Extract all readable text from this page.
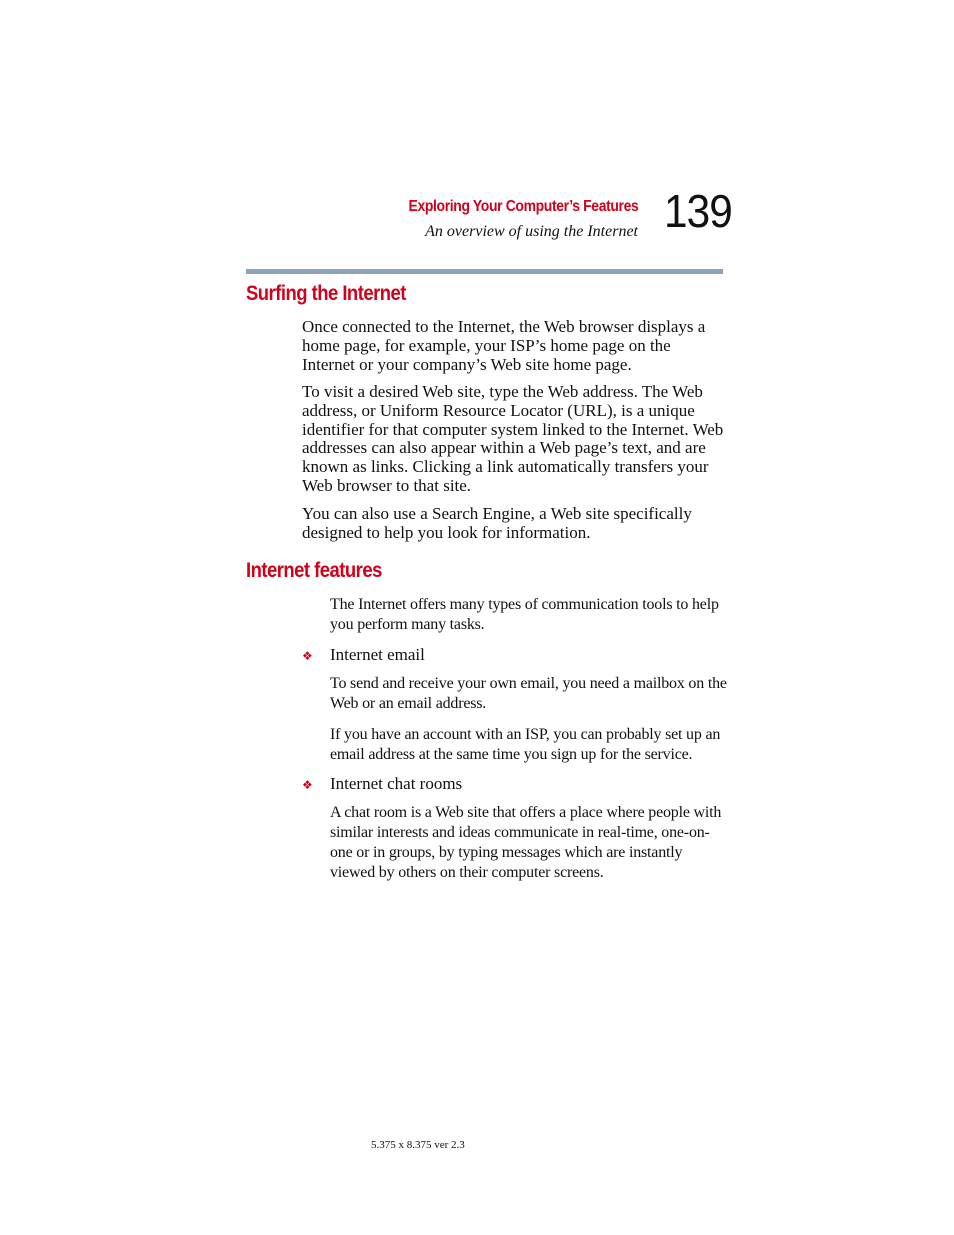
Exploring Your Computer’s Features
An overview of using the Internet 139
Surfing the Internet

Once connected to the Internet, the Web browser displays a home page, for example, your ISP’s home page on the Internet or your company’s Web site home page.

To visit a desired Web site, type the Web address. The Web address, or Uniform Resource Locator (URL), is a unique identifier for that computer system linked to the Internet. Web addresses can also appear within a Web page’s text, and are known as links. Clicking a link automatically transfers your Web browser to that site.

You can also use a Search Engine, a Web site specifically designed to help you look for information.

Internet features

The Internet offers many types of communication tools to help you perform many tasks.

❖ Internet email

To send and receive your own email, you need a mailbox on the Web or an email address.

If you have an account with an ISP, you can probably set up an email address at the same time you sign up for the service.

❖ Internet chat rooms

A chat room is a Web site that offers a place where people with similar interests and ideas communicate in real-time, one-on-one or in groups, by typing messages which are instantly viewed by others on their computer screens.

5.375 x 8.375 ver 2.3
